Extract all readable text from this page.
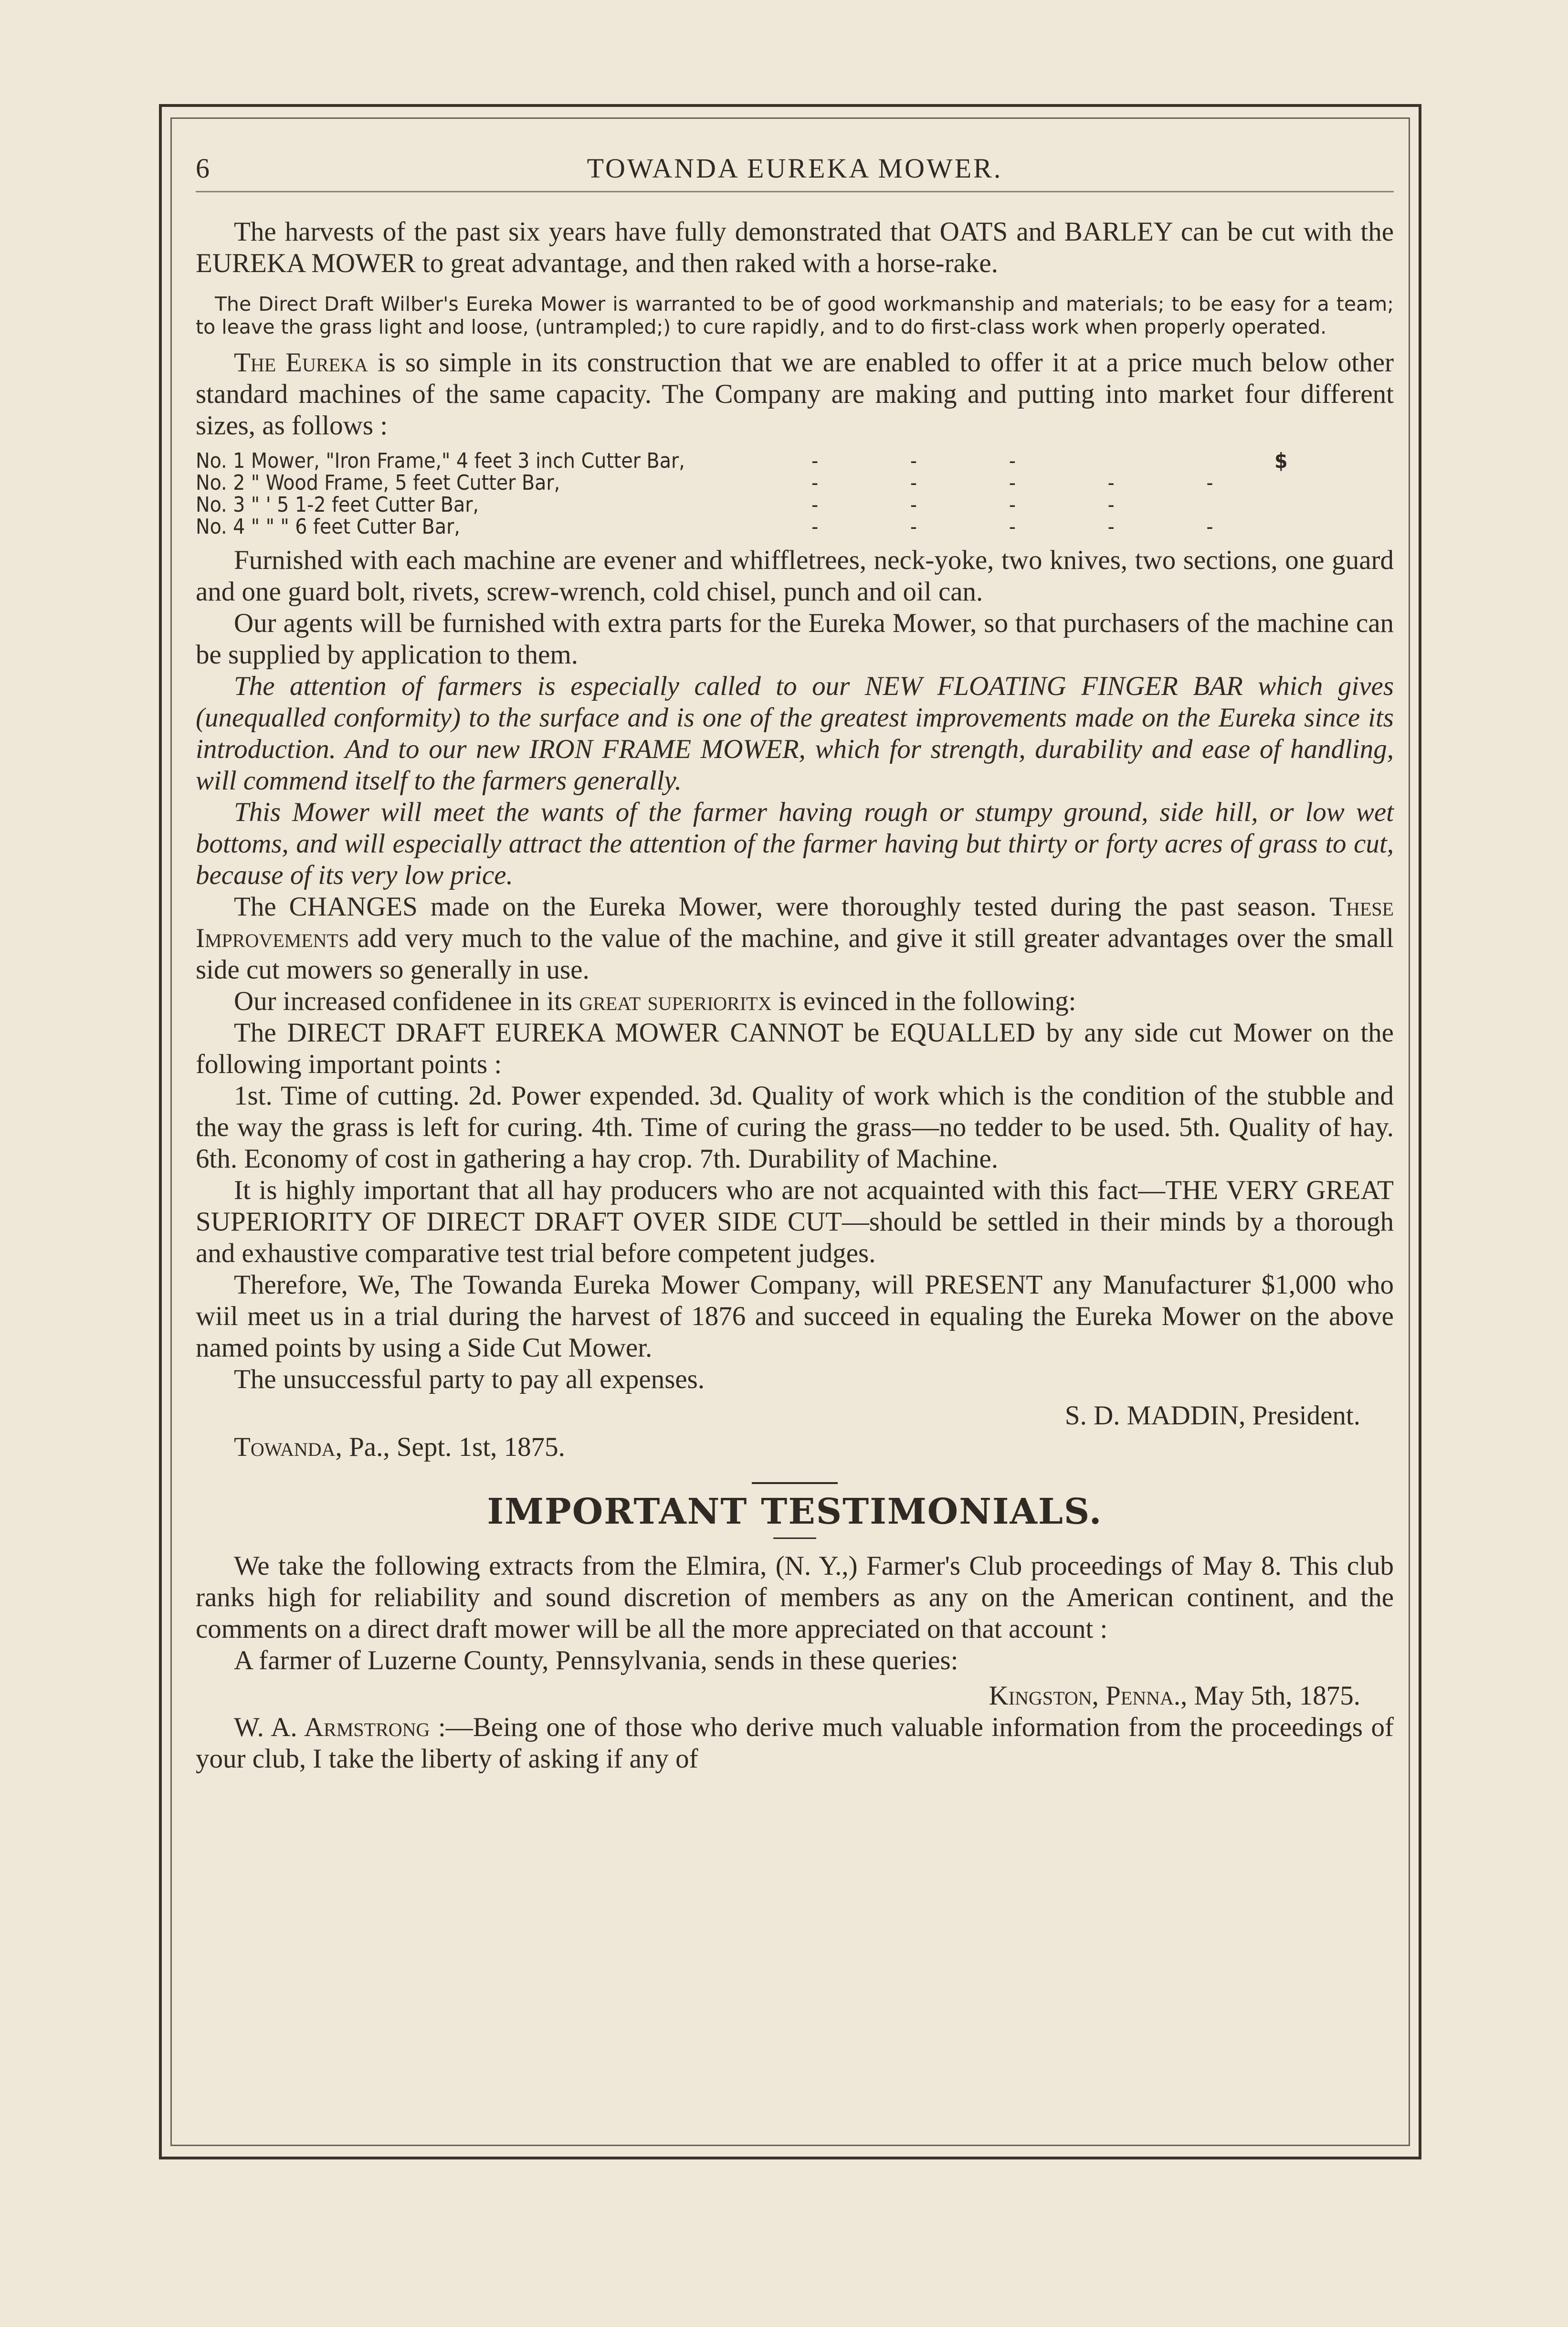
6	TOWANDA EUREKA MOWER.

The harvests of the past six years have fully demonstrated that OATS and BARLEY can be cut with the EUREKA MOWER to great advantage, and then raked with a horse-rake.

The Direct Draft Wilber's Eureka Mower is warranted to be of good workmanship and materials; to be easy for a team; to leave the grass light and loose, (untrampled;) to cure rapidly, and to do first-class work when properly operated.

The Eureka is so simple in its construction that we are enabled to offer it at a price much below other standard machines of the same capacity. The Company are making and putting into market four different sizes, as follows :

No. 1 Mower, "Iron Frame," 4 feet 3 inch Cutter Bar,	- - -	$
No. 2 " Wood Frame, 5 feet Cutter Bar,	- - - - -
No. 3 " ' 5 1-2 feet Cutter Bar,	- - - -
No. 4 " " " 6 feet Cutter Bar,	- - - - -

Furnished with each machine are evener and whiffletrees, neck-yoke, two knives, two sections, one guard and one guard bolt, rivets, screw-wrench, cold chisel, punch and oil can.

Our agents will be furnished with extra parts for the Eureka Mower, so that purchasers of the machine can be supplied by application to them.

The attention of farmers is especially called to our NEW FLOATING FINGER BAR which gives (unequalled conformity) to the surface and is one of the greatest improvements made on the Eureka since its introduction. And to our new IRON FRAME MOWER, which for strength, durability and ease of handling, will commend itself to the farmers generally.

This Mower will meet the wants of the farmer having rough or stumpy ground, side hill, or low wet bottoms, and will especially attract the attention of the farmer having but thirty or forty acres of grass to cut, because of its very low price.

The CHANGES made on the Eureka Mower, were thoroughly tested during the past season. These Improvements add very much to the value of the machine, and give it still greater advantages over the small side cut mowers so generally in use.

Our increased confidenee in its great superioritx is evinced in the following:

The DIRECT DRAFT EUREKA MOWER CANNOT be EQUALLED by any side cut Mower on the following important points :

1st. Time of cutting. 2d. Power expended. 3d. Quality of work which is the condition of the stubble and the way the grass is left for curing. 4th. Time of curing the grass—no tedder to be used. 5th. Quality of hay. 6th. Economy of cost in gathering a hay crop. 7th. Durability of Machine.

It is highly important that all hay producers who are not acquainted with this fact—THE VERY GREAT SUPERIORITY OF DIRECT DRAFT OVER SIDE CUT—should be settled in their minds by a thorough and exhaustive comparative test trial before competent judges.

Therefore, We, The Towanda Eureka Mower Company, will PRESENT any Manufacturer $1,000 who wiil meet us in a trial during the harvest of 1876 and succeed in equaling the Eureka Mower on the above named points by using a Side Cut Mower.

The unsuccessful party to pay all expenses.

S. D. MADDIN, President.

Towanda, Pa., Sept. 1st, 1875.

IMPORTANT TESTIMONIALS.

We take the following extracts from the Elmira, (N. Y.,) Farmer's Club proceedings of May 8. This club ranks high for reliability and sound discretion of members as any on the American continent, and the comments on a direct draft mower will be all the more appreciated on that account :

A farmer of Luzerne County, Pennsylvania, sends in these queries:

Kingston, Penna., May 5th, 1875.

W. A. Armstrong :—Being one of those who derive much valuable information from the proceedings of your club, I take the liberty of asking if any of
